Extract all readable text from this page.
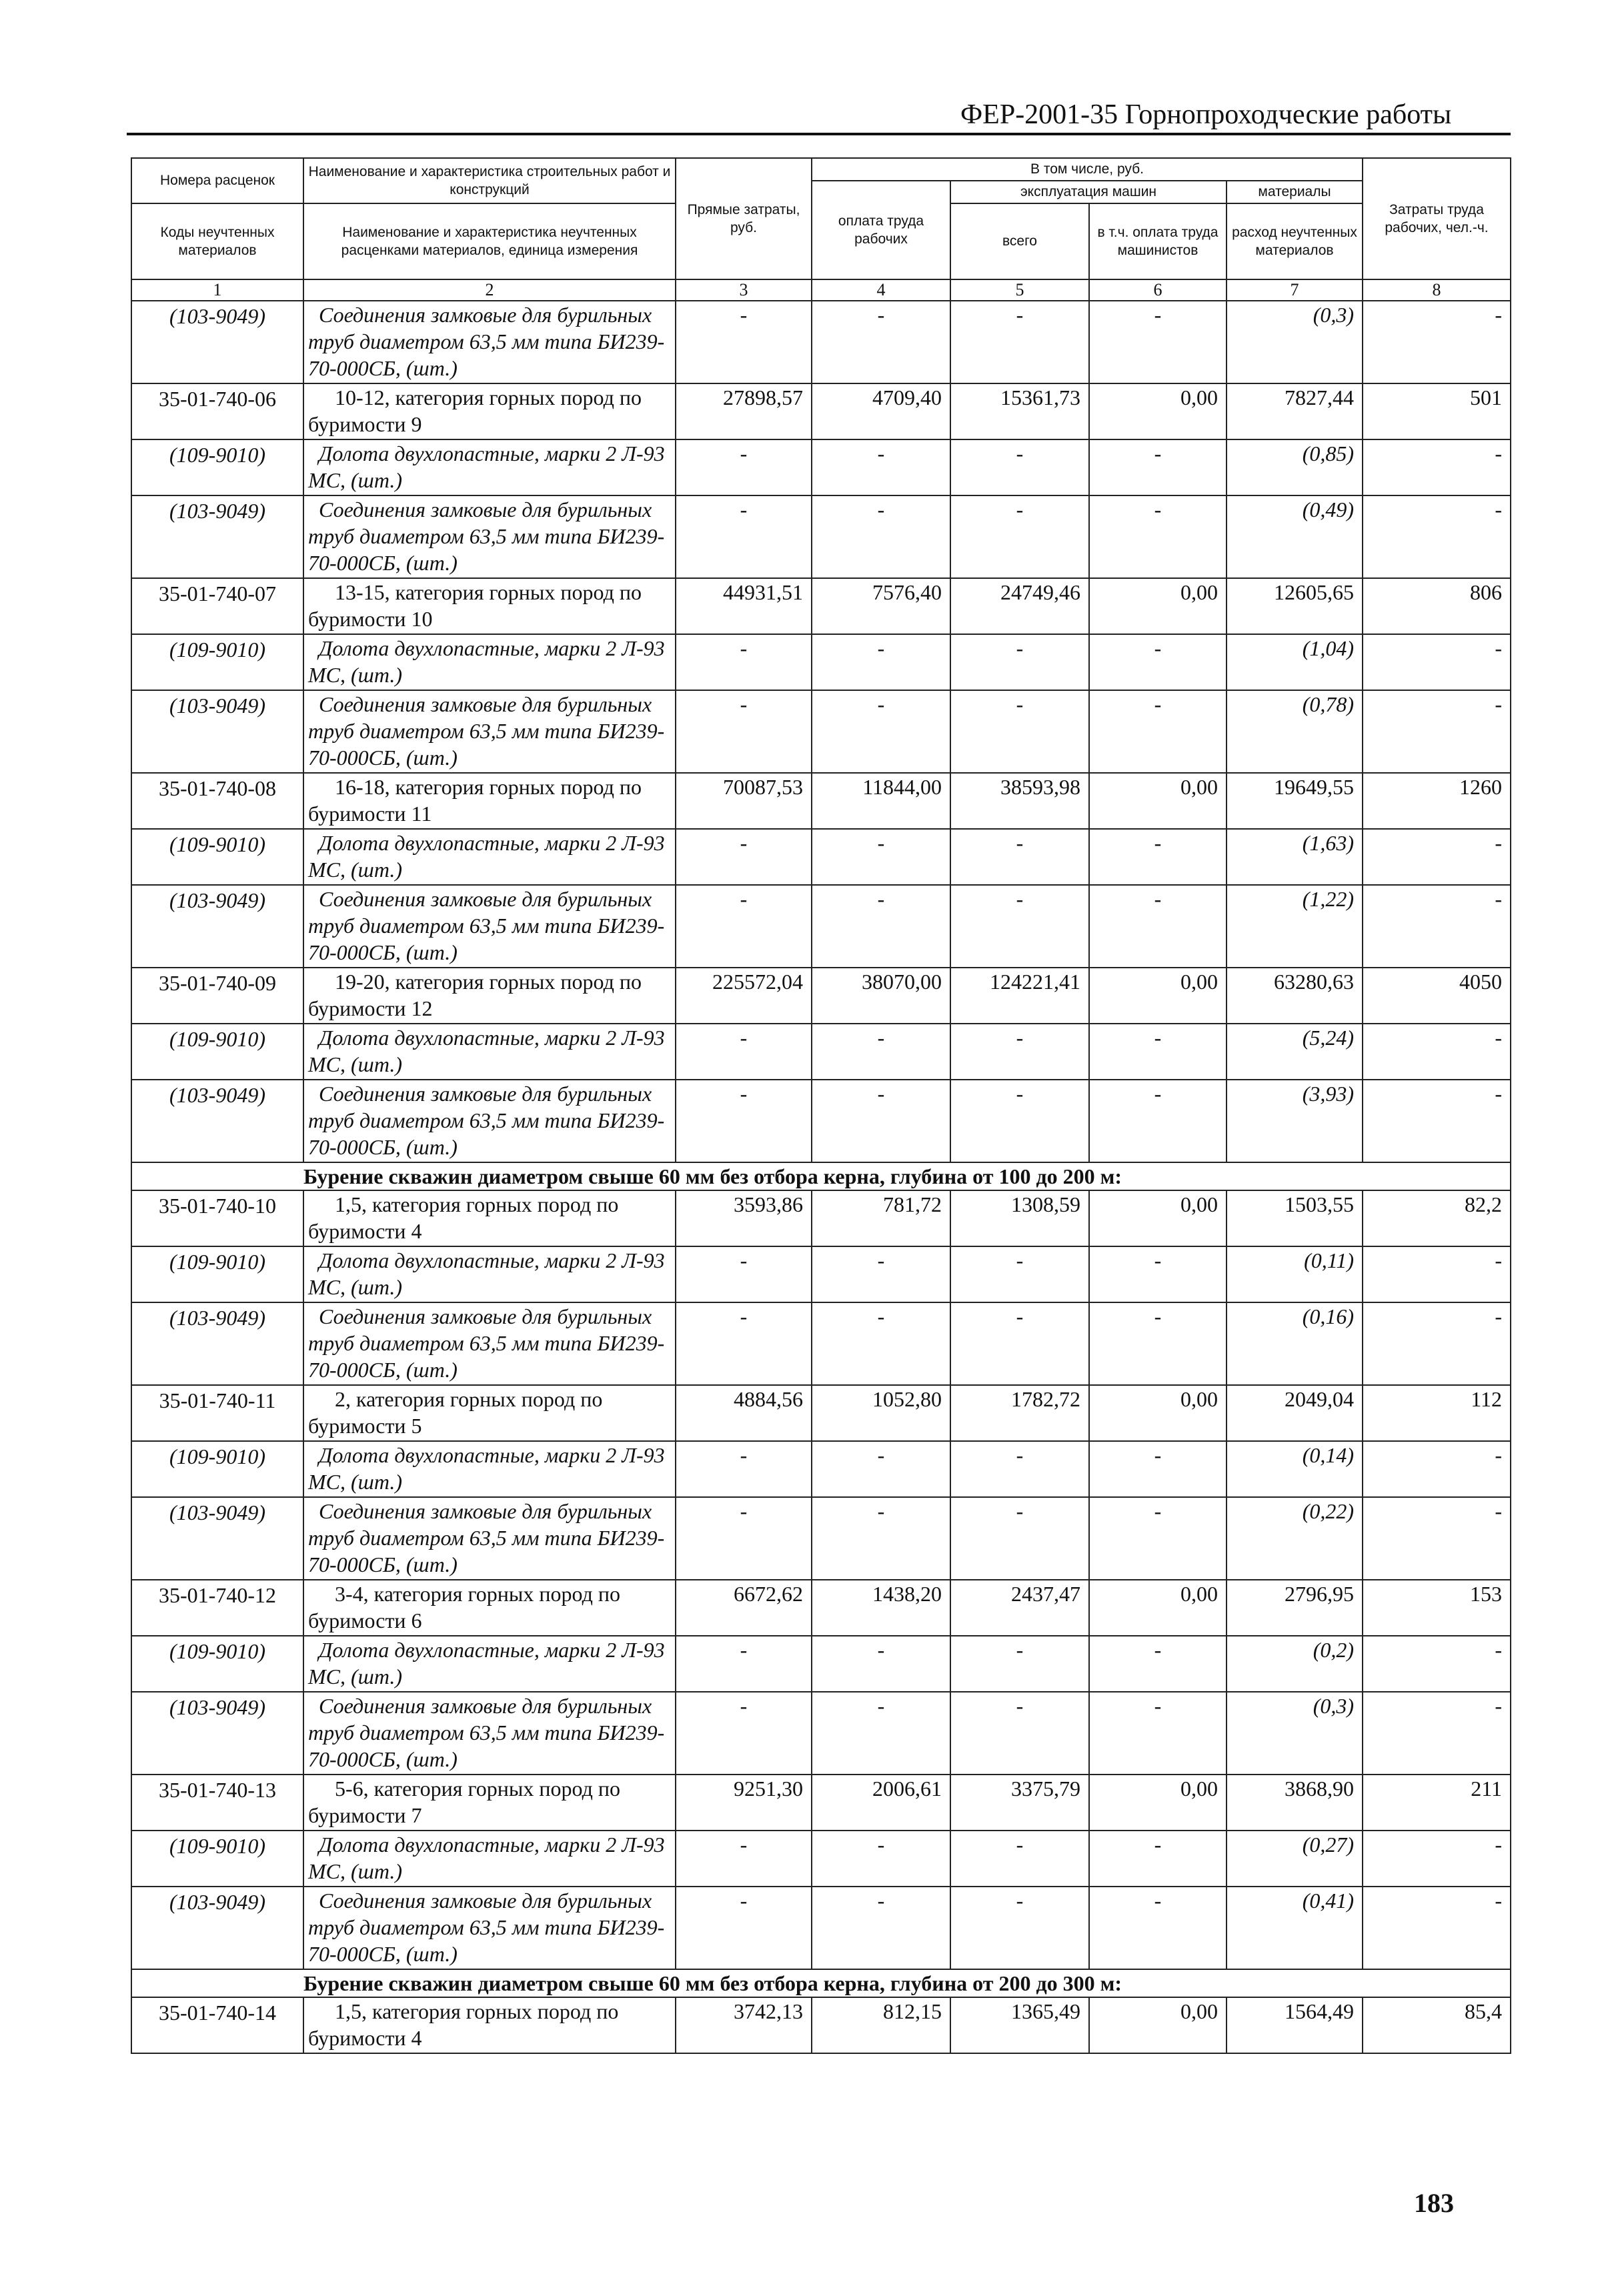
ФЕР-2001-35 Горнопроходческие работы
Номера расценок	Наименование и характеристика строительных работ и конструкций	Прямые затраты, руб.	В том числе, руб.				Затраты труда рабочих, чел.-ч.
			оплата труда рабочих	эксплуатация машин		материалы	
Коды неучтенных материалов	Наименование и характеристика неучтенных расценками материалов, единица измерения			всего	в т.ч. оплата труда машинистов	расход неучтенных материалов	

1	2	3	4	5	6	7	8
(103-9049)	Соединения замковые для бурильных труб диаметром 63,5 мм типа БИ239-70-000СБ, (шт.)	-	-	-	-	(0,3)	-
35-01-740-06	10-12, категория горных пород по буримости 9	27898,57	4709,40	15361,73	0,00	7827,44	501
(109-9010)	Долота двухлопастные, марки 2 Л-93 МС, (шт.)	-	-	-	-	(0,85)	-
(103-9049)	Соединения замковые для бурильных труб диаметром 63,5 мм типа БИ239-70-000СБ, (шт.)	-	-	-	-	(0,49)	-
35-01-740-07	13-15, категория горных пород по буримости 10	44931,51	7576,40	24749,46	0,00	12605,65	806
(109-9010)	Долота двухлопастные, марки 2 Л-93 МС, (шт.)	-	-	-	-	(1,04)	-
(103-9049)	Соединения замковые для бурильных труб диаметром 63,5 мм типа БИ239-70-000СБ, (шт.)	-	-	-	-	(0,78)	-
35-01-740-08	16-18, категория горных пород по буримости 11	70087,53	11844,00	38593,98	0,00	19649,55	1260
(109-9010)	Долота двухлопастные, марки 2 Л-93 МС, (шт.)	-	-	-	-	(1,63)	-
(103-9049)	Соединения замковые для бурильных труб диаметром 63,5 мм типа БИ239-70-000СБ, (шт.)	-	-	-	-	(1,22)	-
35-01-740-09	19-20, категория горных пород по буримости 12	225572,04	38070,00	124221,41	0,00	63280,63	4050
(109-9010)	Долота двухлопастные, марки 2 Л-93 МС, (шт.)	-	-	-	-	(5,24)	-
(103-9049)	Соединения замковые для бурильных труб диаметром 63,5 мм типа БИ239-70-000СБ, (шт.)	-	-	-	-	(3,93)	-
	Бурение скважин диаметром свыше 60 мм без отбора керна, глубина от 100 до 200 м:						
35-01-740-10	1,5, категория горных пород по буримости 4	3593,86	781,72	1308,59	0,00	1503,55	82,2
(109-9010)	Долота двухлопастные, марки 2 Л-93 МС, (шт.)	-	-	-	-	(0,11)	-
(103-9049)	Соединения замковые для бурильных труб диаметром 63,5 мм типа БИ239-70-000СБ, (шт.)	-	-	-	-	(0,16)	-
35-01-740-11	2, категория горных пород по буримости 5	4884,56	1052,80	1782,72	0,00	2049,04	112
(109-9010)	Долота двухлопастные, марки 2 Л-93 МС, (шт.)	-	-	-	-	(0,14)	-
(103-9049)	Соединения замковые для бурильных труб диаметром 63,5 мм типа БИ239-70-000СБ, (шт.)	-	-	-	-	(0,22)	-
35-01-740-12	3-4, категория горных пород по буримости 6	6672,62	1438,20	2437,47	0,00	2796,95	153
(109-9010)	Долота двухлопастные, марки 2 Л-93 МС, (шт.)	-	-	-	-	(0,2)	-
(103-9049)	Соединения замковые для бурильных труб диаметром 63,5 мм типа БИ239-70-000СБ, (шт.)	-	-	-	-	(0,3)	-
35-01-740-13	5-6, категория горных пород по буримости 7	9251,30	2006,61	3375,79	0,00	3868,90	211
(109-9010)	Долота двухлопастные, марки 2 Л-93 МС, (шт.)	-	-	-	-	(0,27)	-
(103-9049)	Соединения замковые для бурильных труб диаметром 63,5 мм типа БИ239-70-000СБ, (шт.)	-	-	-	-	(0,41)	-
	Бурение скважин диаметром свыше 60 мм без отбора керна, глубина от 200 до 300 м:						
35-01-740-14	1,5, категория горных пород по буримости 4	3742,13	812,15	1365,49	0,00	1564,49	85,4
183
